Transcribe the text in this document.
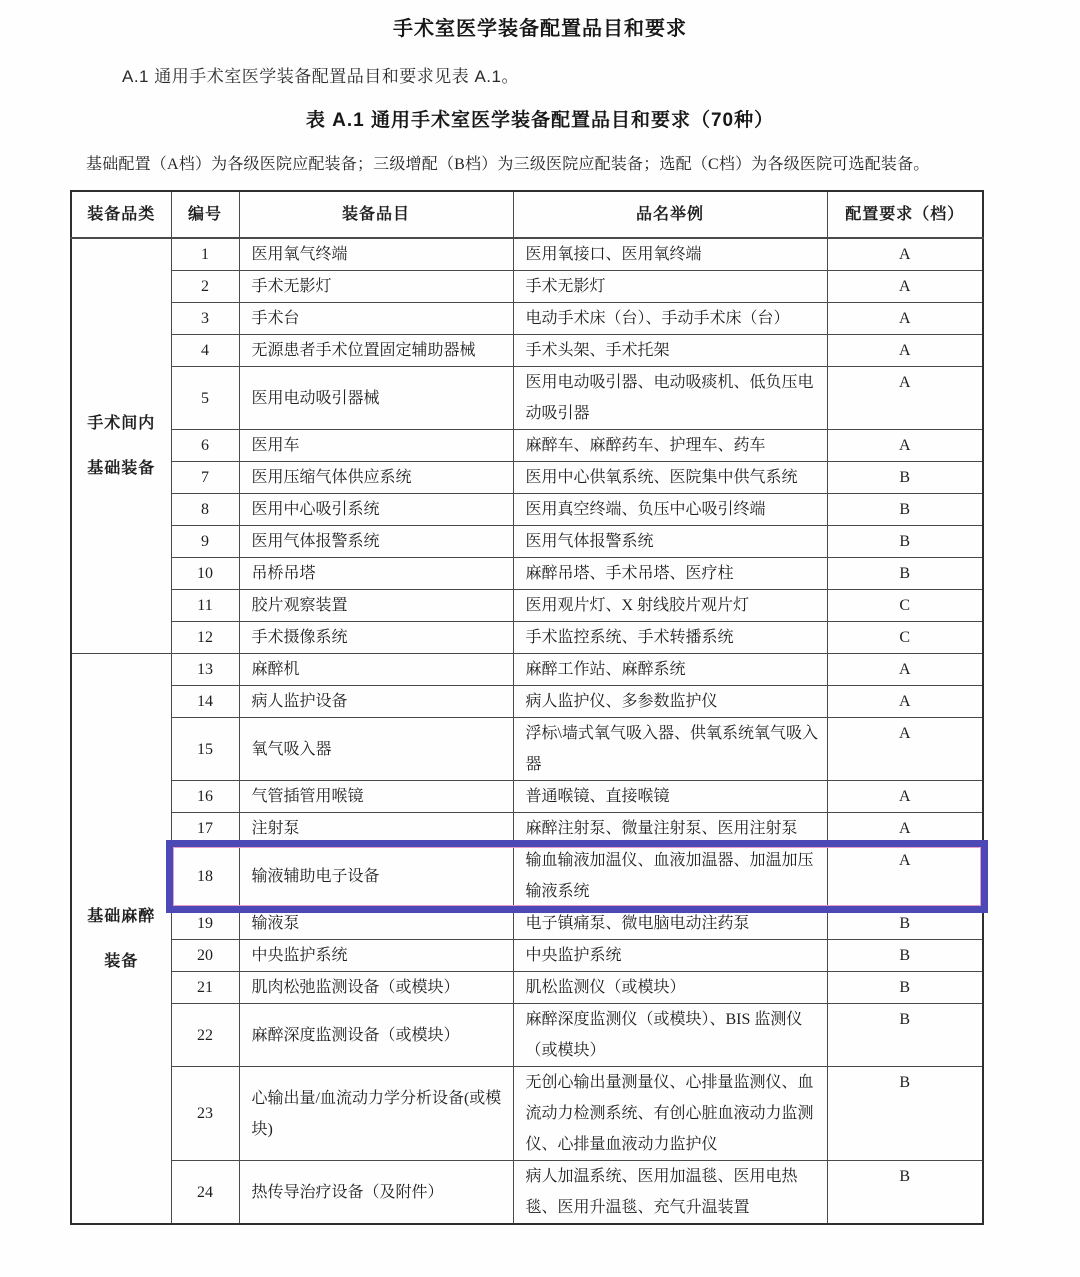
手术室医学装备配置品目和要求
A.1 通用手术室医学装备配置品目和要求见表 A.1。
表 A.1 通用手术室医学装备配置品目和要求（70种）
基础配置（A档）为各级医院应配装备；三级增配（B档）为三级医院应配装备；选配（C档）为各级医院可选配装备。
装备品类	编号	装备品目	品名举例	配置要求（档）

手术间内基础装备	1	医用氧气终端	医用氧接口、医用氧终端	A
	2	手术无影灯	手术无影灯	A
	3	手术台	电动手术床（台）、手动手术床（台）	A
	4	无源患者手术位置固定辅助器械	手术头架、手术托架	A
	5	医用电动吸引器械	医用电动吸引器、电动吸痰机、低负压电动吸引器	A
	6	医用车	麻醉车、麻醉药车、护理车、药车	A
	7	医用压缩气体供应系统	医用中心供氧系统、医院集中供气系统	B
	8	医用中心吸引系统	医用真空终端、负压中心吸引终端	B
	9	医用气体报警系统	医用气体报警系统	B
	10	吊桥吊塔	麻醉吊塔、手术吊塔、医疗柱	B
	11	胶片观察装置	医用观片灯、X 射线胶片观片灯	C
	12	手术摄像系统	手术监控系统、手术转播系统	C

基础麻醉装备	13	麻醉机	麻醉工作站、麻醉系统	A
	14	病人监护设备	病人监护仪、多参数监护仪	A
	15	氧气吸入器	浮标\墙式氧气吸入器、供氧系统氧气吸入器	A
	16	气管插管用喉镜	普通喉镜、直接喉镜	A
	17	注射泵	麻醉注射泵、微量注射泵、医用注射泵	A
	18	输液辅助电子设备	输血输液加温仪、血液加温器、加温加压输液系统	A
	19	输液泵	电子镇痛泵、微电脑电动注药泵	B
	20	中央监护系统	中央监护系统	B
	21	肌肉松弛监测设备（或模块）	肌松监测仪（或模块）	B
	22	麻醉深度监测设备（或模块）	麻醉深度监测仪（或模块）、BIS 监测仪（或模块）	B
	23	心输出量/血流动力学分析设备(或模块)	无创心输出量测量仪、心排量监测仪、血流动力检测系统、有创心脏血液动力监测仪、心排量血液动力监护仪	B
	24	热传导治疗设备（及附件）	病人加温系统、医用加温毯、医用电热毯、医用升温毯、充气升温装置	B
